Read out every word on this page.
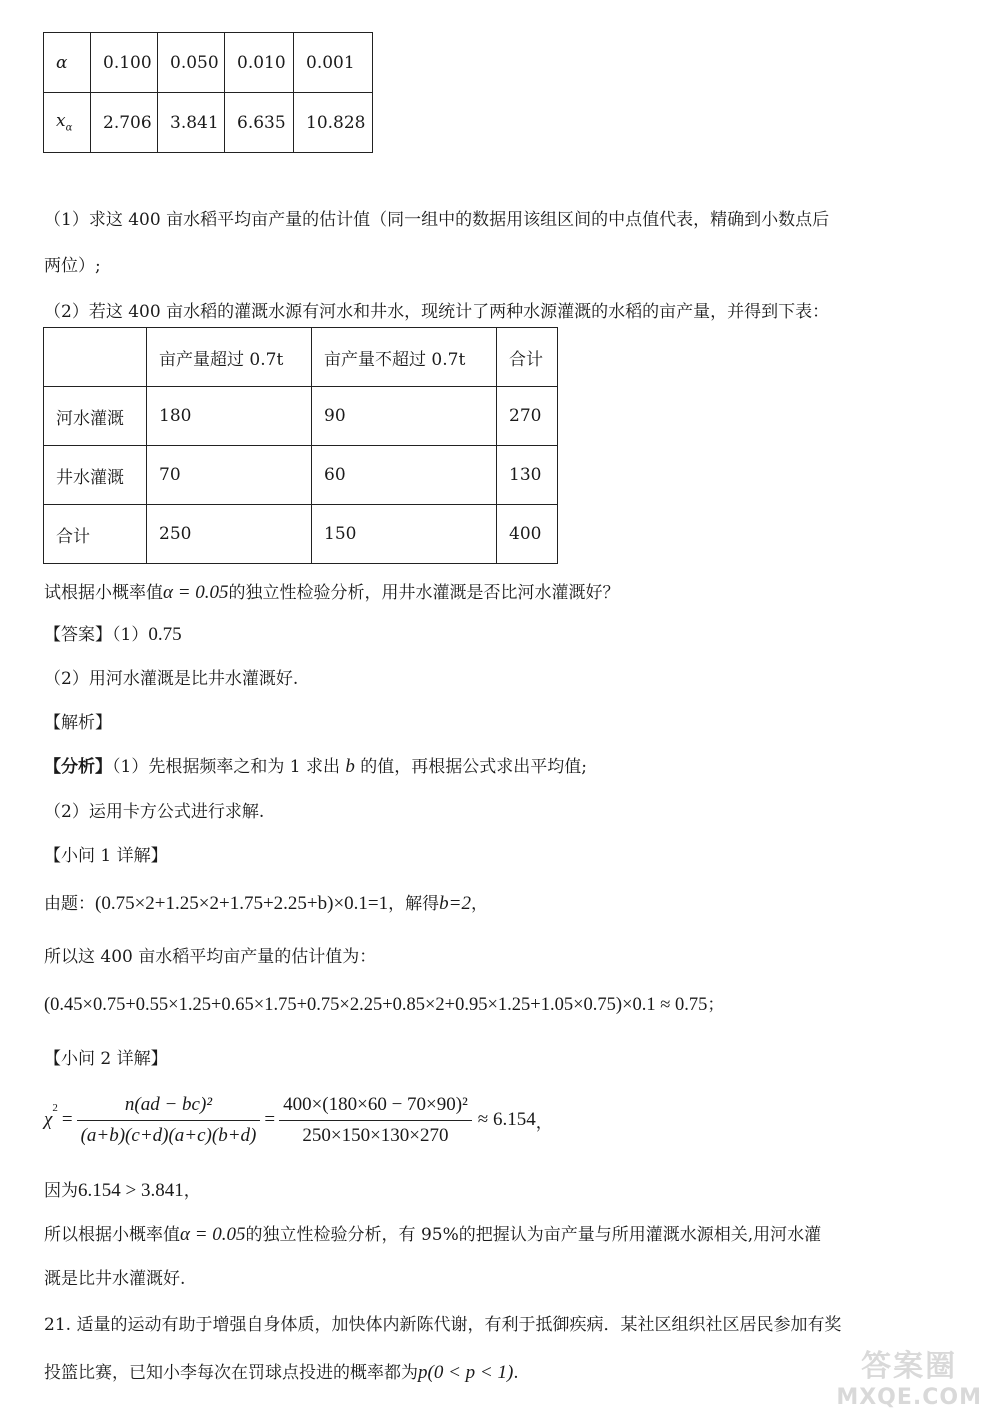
α	0.100	0.050	0.010	0.001
$x_\alpha$	2.706	3.841	6.635	10.828
（1）求这 400 亩水稻平均亩产量的估计值（同一组中的数据用该组区间的中点值代表，精确到小数点后
两位）;
（2）若这 400 亩水稻的灌溉水源有河水和井水，现统计了两种水源灌溉的水稻的亩产量，并得到下表：
	亩产量超过 0.7t	亩产量不超过 0.7t	合计
河水灌溉	180	90	270
井水灌溉	70	60	130
合计	250	150	400
试根据小概率值α = 0.05的独立性检验分析，用井水灌溉是否比河水灌溉好？
【答案】（1）0.75
（2）用河水灌溉是比井水灌溉好.
【解析】
【分析】（1）先根据频率之和为 1 求出 b 的值，再根据公式求出平均值;
（2）运用卡方公式进行求解.
【小问 1 详解】
由题：(0.75×2+1.25×2+1.75+2.25+b)×0.1=1，解得b=2，
所以这 400 亩水稻平均亩产量的估计值为：
(0.45×0.75+0.55×1.25+0.65×1.75+0.75×2.25+0.85×2+0.95×1.25+1.05×0.75)×0.1 ≈ 0.75；
【小问 2 详解】
χ
$^2$
= $\frac{\text{n(ad − bc)²}}{(a+b)(c+d)(a+c)(b+d)} = \frac{\text{400×(180×60 − 70×90)²}}{250\times 150\times 130\times 270} \approx 6.154$ ，
因为6.154 > 3.841，
所以根据小概率值α = 0.05的独立性检验分析，有 95%的把握认为亩产量与所用灌溉水源相关,用河水灌
溉是比井水灌溉好.
21. 适量的运动有助于增强自身体质，加快体内新陈代谢，有利于抵御疾病．某社区组织社区居民参加有奖
投篮比赛，已知小李每次在罚球点投进的概率都为p(0 < p < 1).	答案圈
MXQE.COM
